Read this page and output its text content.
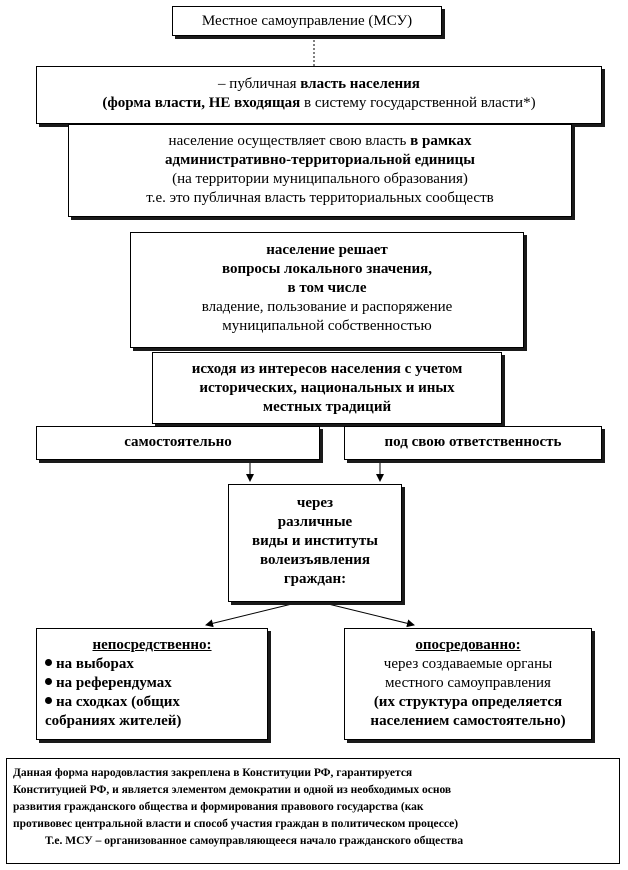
Местное самоуправление (МСУ)
– публичная власть населения
(форма власти, НЕ входящая в систему государственной власти*)
население осуществляет свою власть в рамках
административно-территориальной единицы
(на территории муниципального образования)
т.е. это публичная власть территориальных сообществ
население решает
вопросы локального значения,
в том числе
владение, пользование и распоряжение
муниципальной собственностью
исходя из интересов населения с учетом
исторических, национальных и иных
местных традиций
самостоятельно	под свою ответственность
через
различные
виды и институты
волеизъявления
граждан:
непосредственно:
на выборах
на референдумах
на сходках (общих
собраниях жителей)
опосредованно:
через создаваемые органы
местного самоуправления
(их структура определяется
населением самостоятельно)
Данная форма народовластия закреплена в Конституции РФ, гарантируется
Конституцией РФ, и является элементом демократии и одной из необходимых основ
развития гражданского общества и формирования правового государства (как
противовес центральной власти и способ участия граждан в политическом процессе)
Т.е. МСУ – организованное самоуправляющееся начало гражданского общества
